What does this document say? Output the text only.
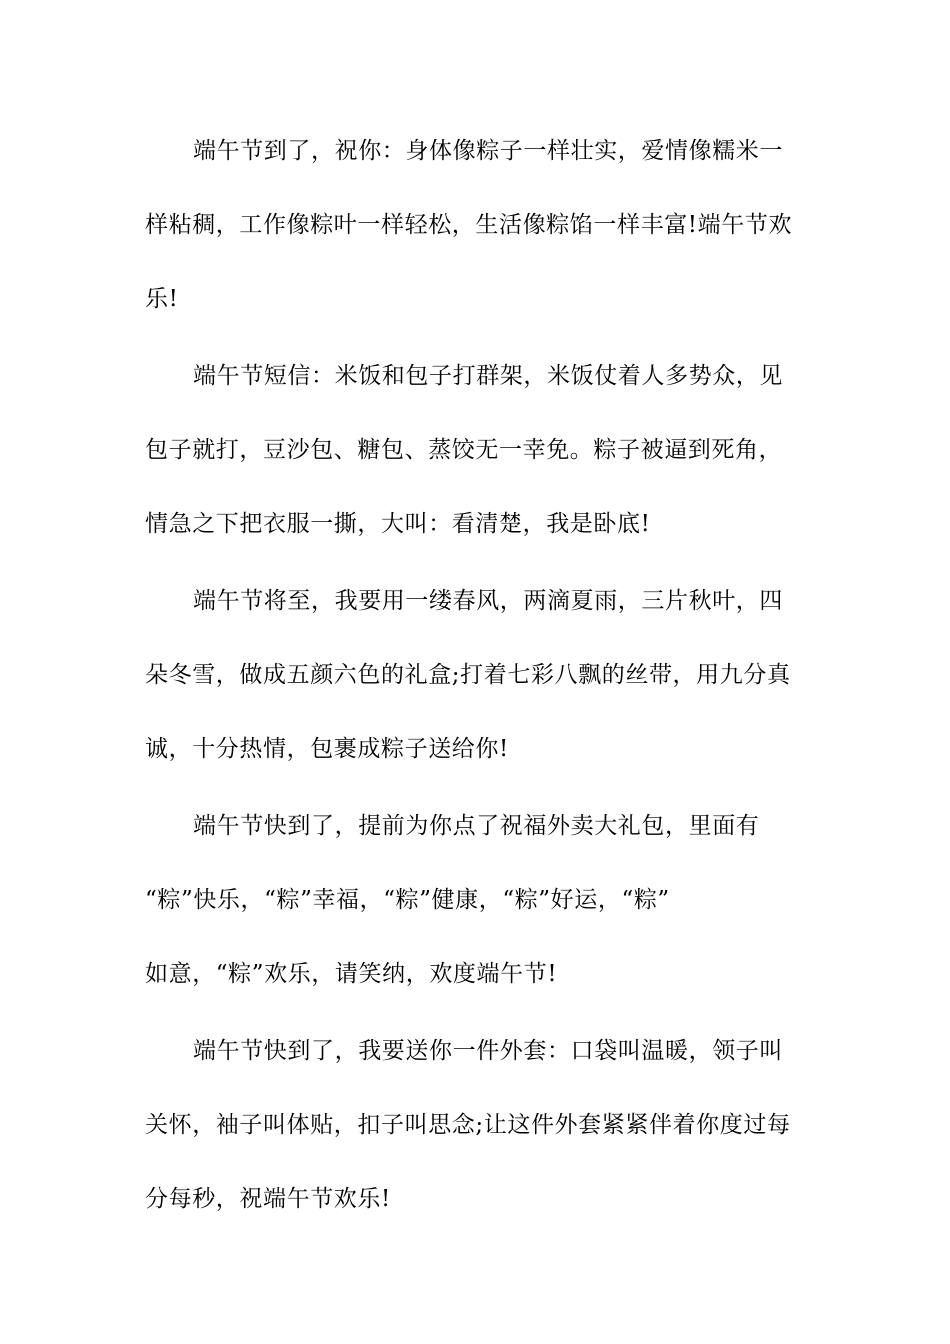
端午节到了，祝你：身体像粽子一样壮实，爱情像糯米一
样粘稠，工作像粽叶一样轻松，生活像粽馅一样丰富!端午节欢
乐!
端午节短信：米饭和包子打群架，米饭仗着人多势众，见
包子就打，豆沙包、糖包、蒸饺无一幸免。粽子被逼到死角，
情急之下把衣服一撕，大叫：看清楚，我是卧底!
端午节将至，我要用一缕春风，两滴夏雨，三片秋叶，四
朵冬雪，做成五颜六色的礼盒;打着七彩八飘的丝带，用九分真
诚，十分热情，包裹成粽子送给你!
端午节快到了，提前为你点了祝福外卖大礼包，里面有
“粽”快乐，“粽”幸福，“粽”健康，“粽”好运，“粽”
如意，“粽”欢乐，请笑纳，欢度端午节!
端午节快到了，我要送你一件外套：口袋叫温暖，领子叫
关怀，袖子叫体贴，扣子叫思念;让这件外套紧紧伴着你度过每
分每秒，祝端午节欢乐!
